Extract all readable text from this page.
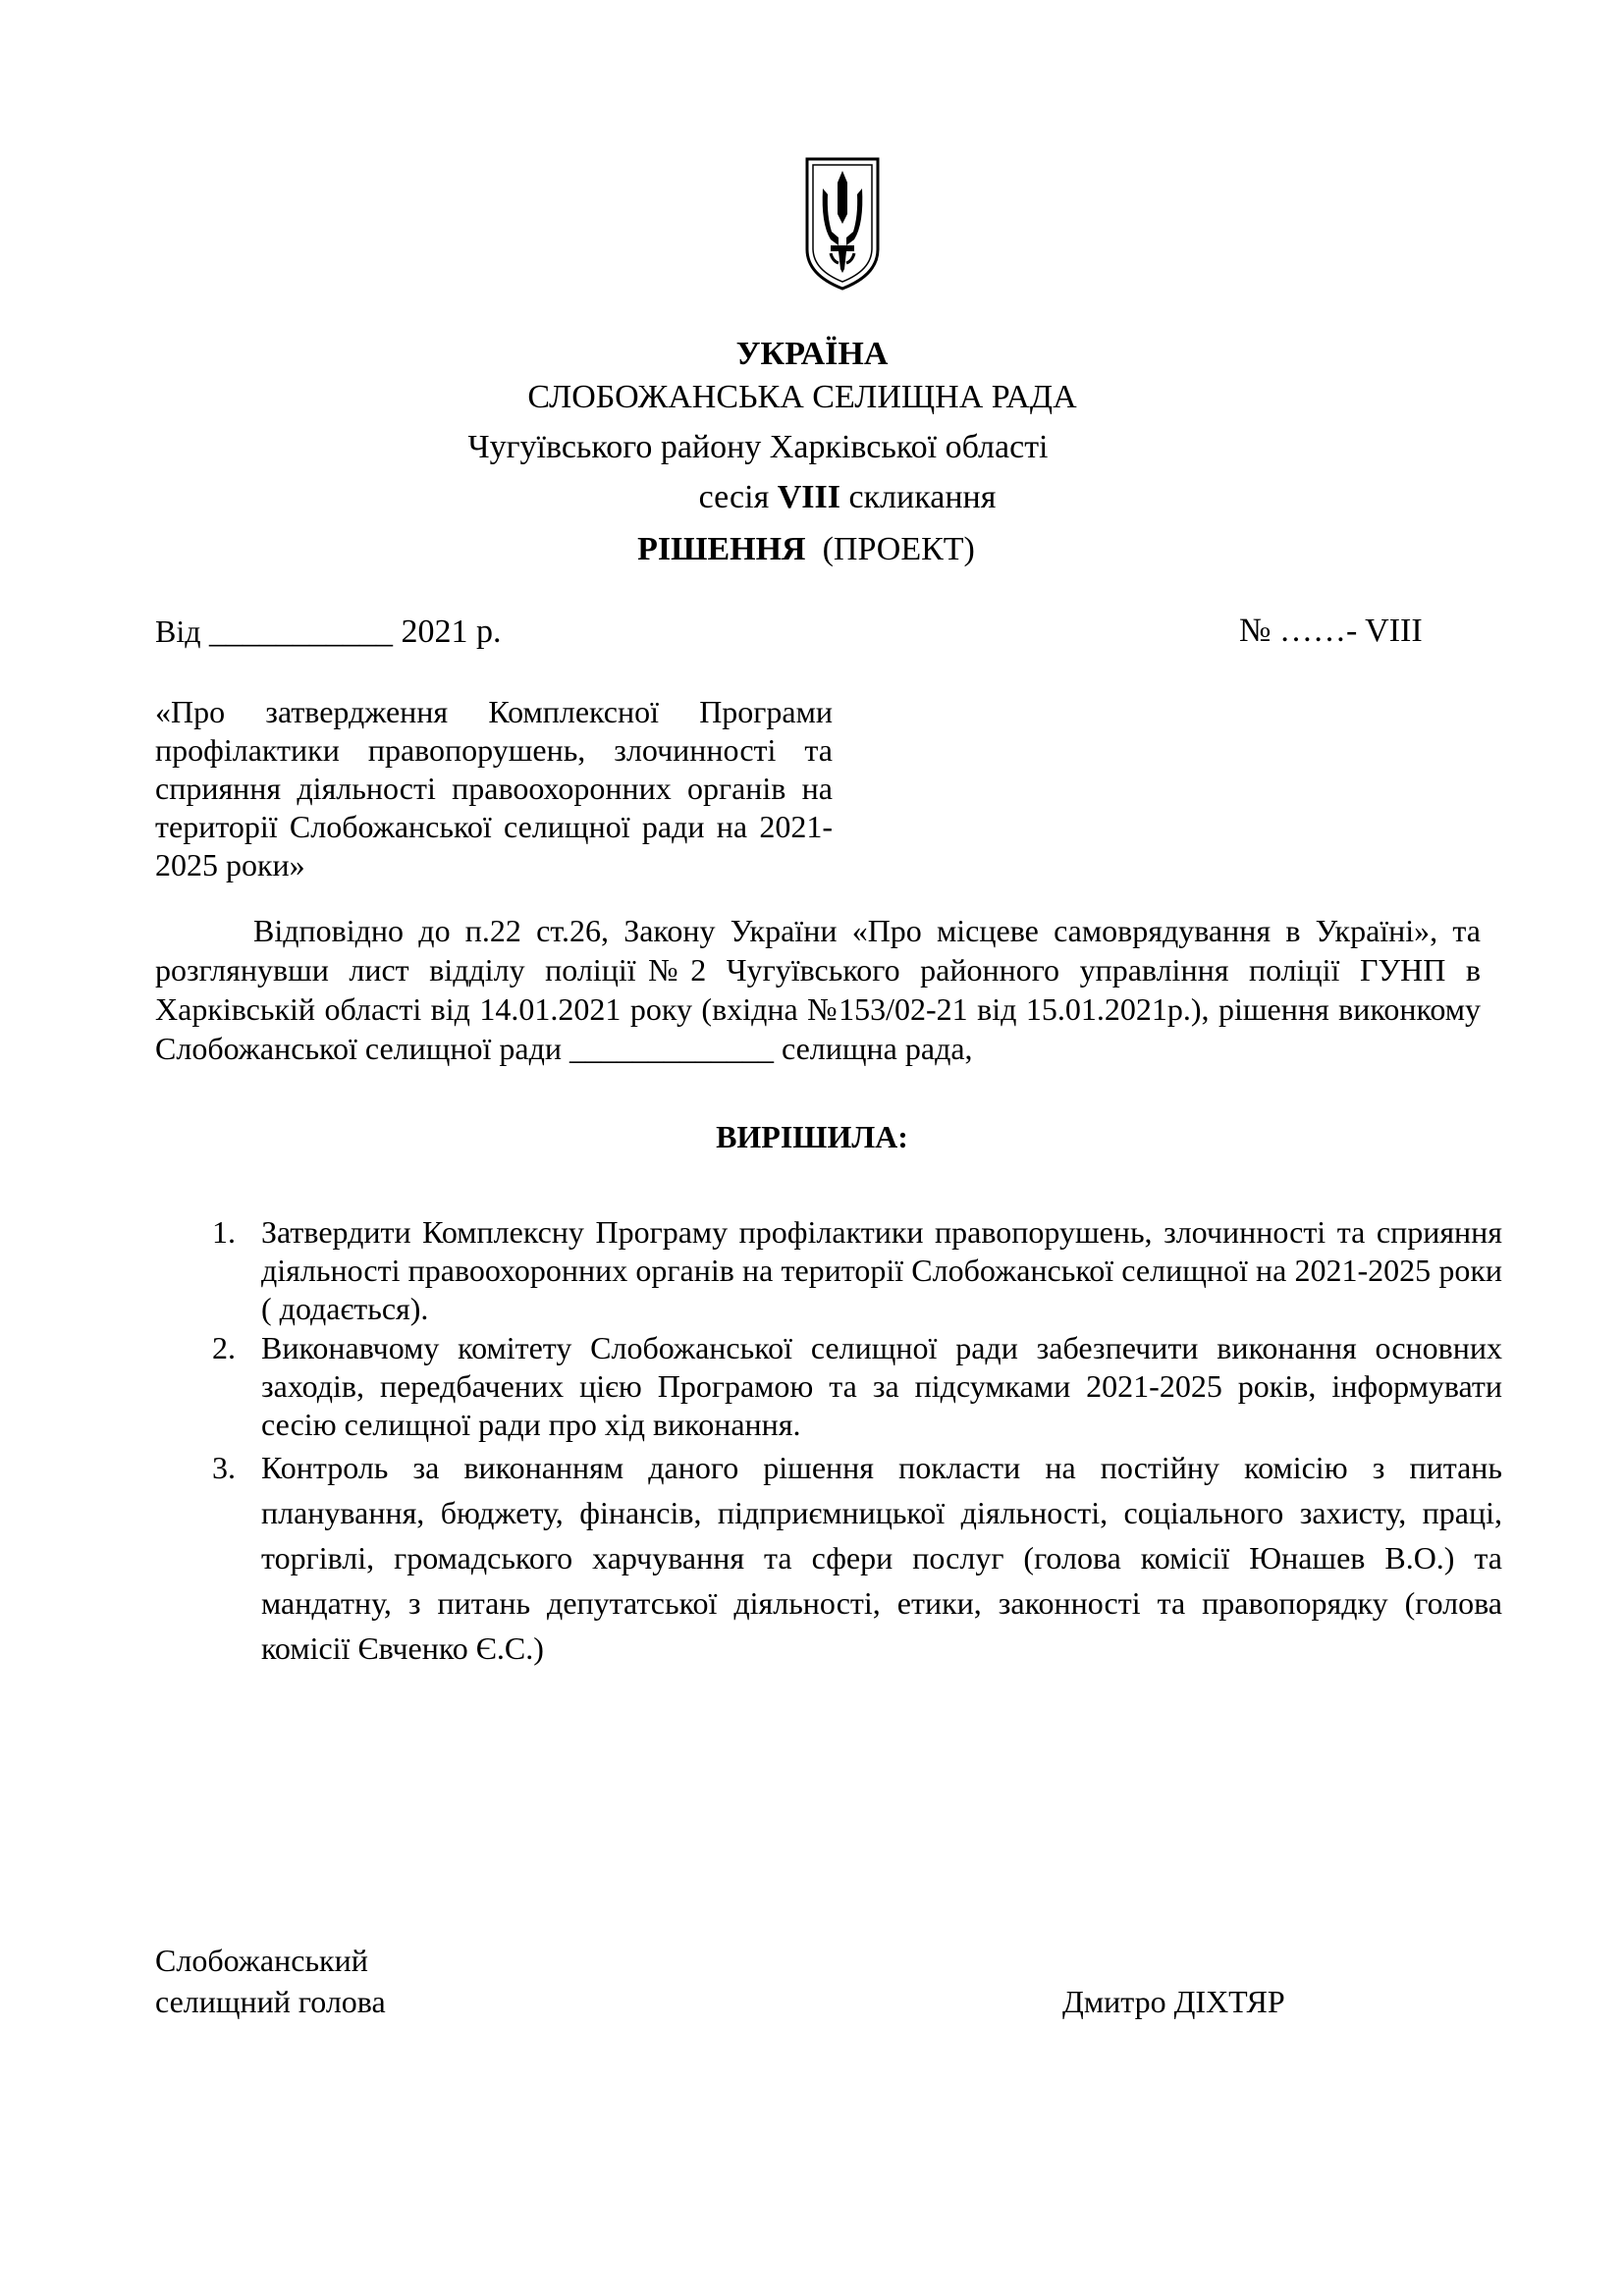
УКРАЇНА
СЛОБОЖАНСЬКА СЕЛИЩНА РАДА
Чугуївського району Харківської області
сесія VIII скликання
РІШЕННЯ (ПРОЕКТ)
Від ___________ 2021 р.	№ ……- VIII
«Про затвердження Комплексної Програми профілактики правопорушень, злочинності та сприяння діяльності правоохоронних органів на території Слобожанської селищної ради на 2021-2025 роки»

Відповідно до п.22 ст.26, Закону України «Про місцеве самоврядування в Україні», та розглянувши лист відділу поліції№2 Чугуївського районного управління поліції ГУНП в Харківській області від 14.01.2021 року (вхідна №153/02-21 від 15.01.2021р.), рішення виконкому Слобожанської селищної ради _____________ селищна рада,

ВИРІШИЛА:
1. Затвердити Комплексну Програму профілактики правопорушень, злочинності та сприяння діяльності правоохоронних органів на території Слобожанської селищної на 2021-2025 роки ( додається).
2. Виконавчому комітету Слобожанської селищної ради забезпечити виконання основних заходів, передбачених цією Програмою та за підсумками 2021-2025 років, інформувати сесію селищної ради про хід виконання.
3. Контроль за виконанням даного рішення покласти на постійну комісію з питань планування, бюджету, фінансів, підприємницької діяльності, соціального захисту, праці, торгівлі, громадського харчування та сфери послуг (голова комісії Юнашев В.О.) та мандатну, з питань депутатської діяльності, етики, законності та правопорядку (голова комісії Євченко Є.С.)
Слобожанський
селищний голова	Дмитро ДІХТЯР
